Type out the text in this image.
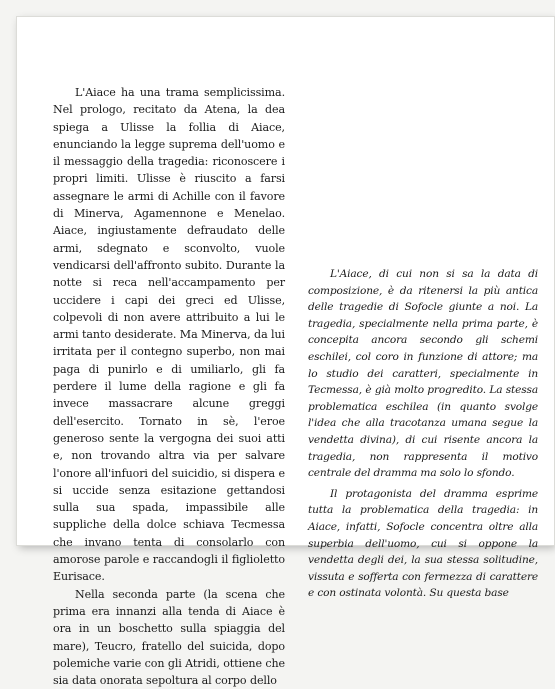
L'Aiace ha una trama semplicissima. Nel prologo, recitato da Atena, la dea spiega a Ulisse la follia di Aiace, enunciando la legge suprema dell'uomo e il messaggio della tragedia: riconoscere i propri limiti. Ulisse è riuscito a farsi assegnare le armi di Achille con il favore di Minerva, Agamennone e Menelao. Aiace, ingiustamente defraudato delle armi, sdegnato e sconvolto, vuole vendicarsi dell'affronto subito. Durante la notte si reca nell'accampamento per uccidere i capi dei greci ed Ulisse, colpevoli di non avere attribuito a lui le armi tanto desiderate. Ma Minerva, da lui irritata per il contegno superbo, non mai paga di punirlo e di umiliarlo, gli fa perdere il lume della ragione e gli fa invece massacrare alcune greggi dell'esercito. Tornato in sè, l'eroe generoso sente la vergogna dei suoi atti e, non trovando altra via per salvare l'onore all'infuori del suicidio, si dispera e si uccide senza esitazione gettandosi sulla sua spada, impassibile alle suppliche della dolce schiava Tecmessa che invano tenta di consolarlo con amorose parole e raccandogli il figlioletto Eurisace.

Nella seconda parte (la scena che prima era innanzi alla tenda di Aiace è ora in un boschetto sulla spiaggia del mare), Teucro, fratello del suicida, dopo polemiche varie con gli Atridi, ottiene che sia data onorata sepoltura al corpo dello

L'Aiace, di cui non si sa la data di composizione, è da ritenersi la più antica delle tragedie di Sofocle giunte a noi. La tragedia, specialmente nella prima parte, è concepita ancora secondo gli schemi eschilei, col coro in funzione di attore; ma lo studio dei caratteri, specialmente in Tecmessa, è già molto progredito. La stessa problematica eschilea (in quanto svolge l'idea che alla tracotanza umana segue la vendetta divina), di cui risente ancora la tragedia, non rappresenta il motivo centrale del dramma ma solo lo sfondo.

Il protagonista del dramma esprime tutta la problematica della tragedia: in Aiace, infatti, Sofocle concentra oltre alla superbia dell'uomo, cui si oppone la vendetta degli dei, la sua stessa solitudine, vissuta e sofferta con fermezza di carattere e con ostinata volontà. Su questa base
